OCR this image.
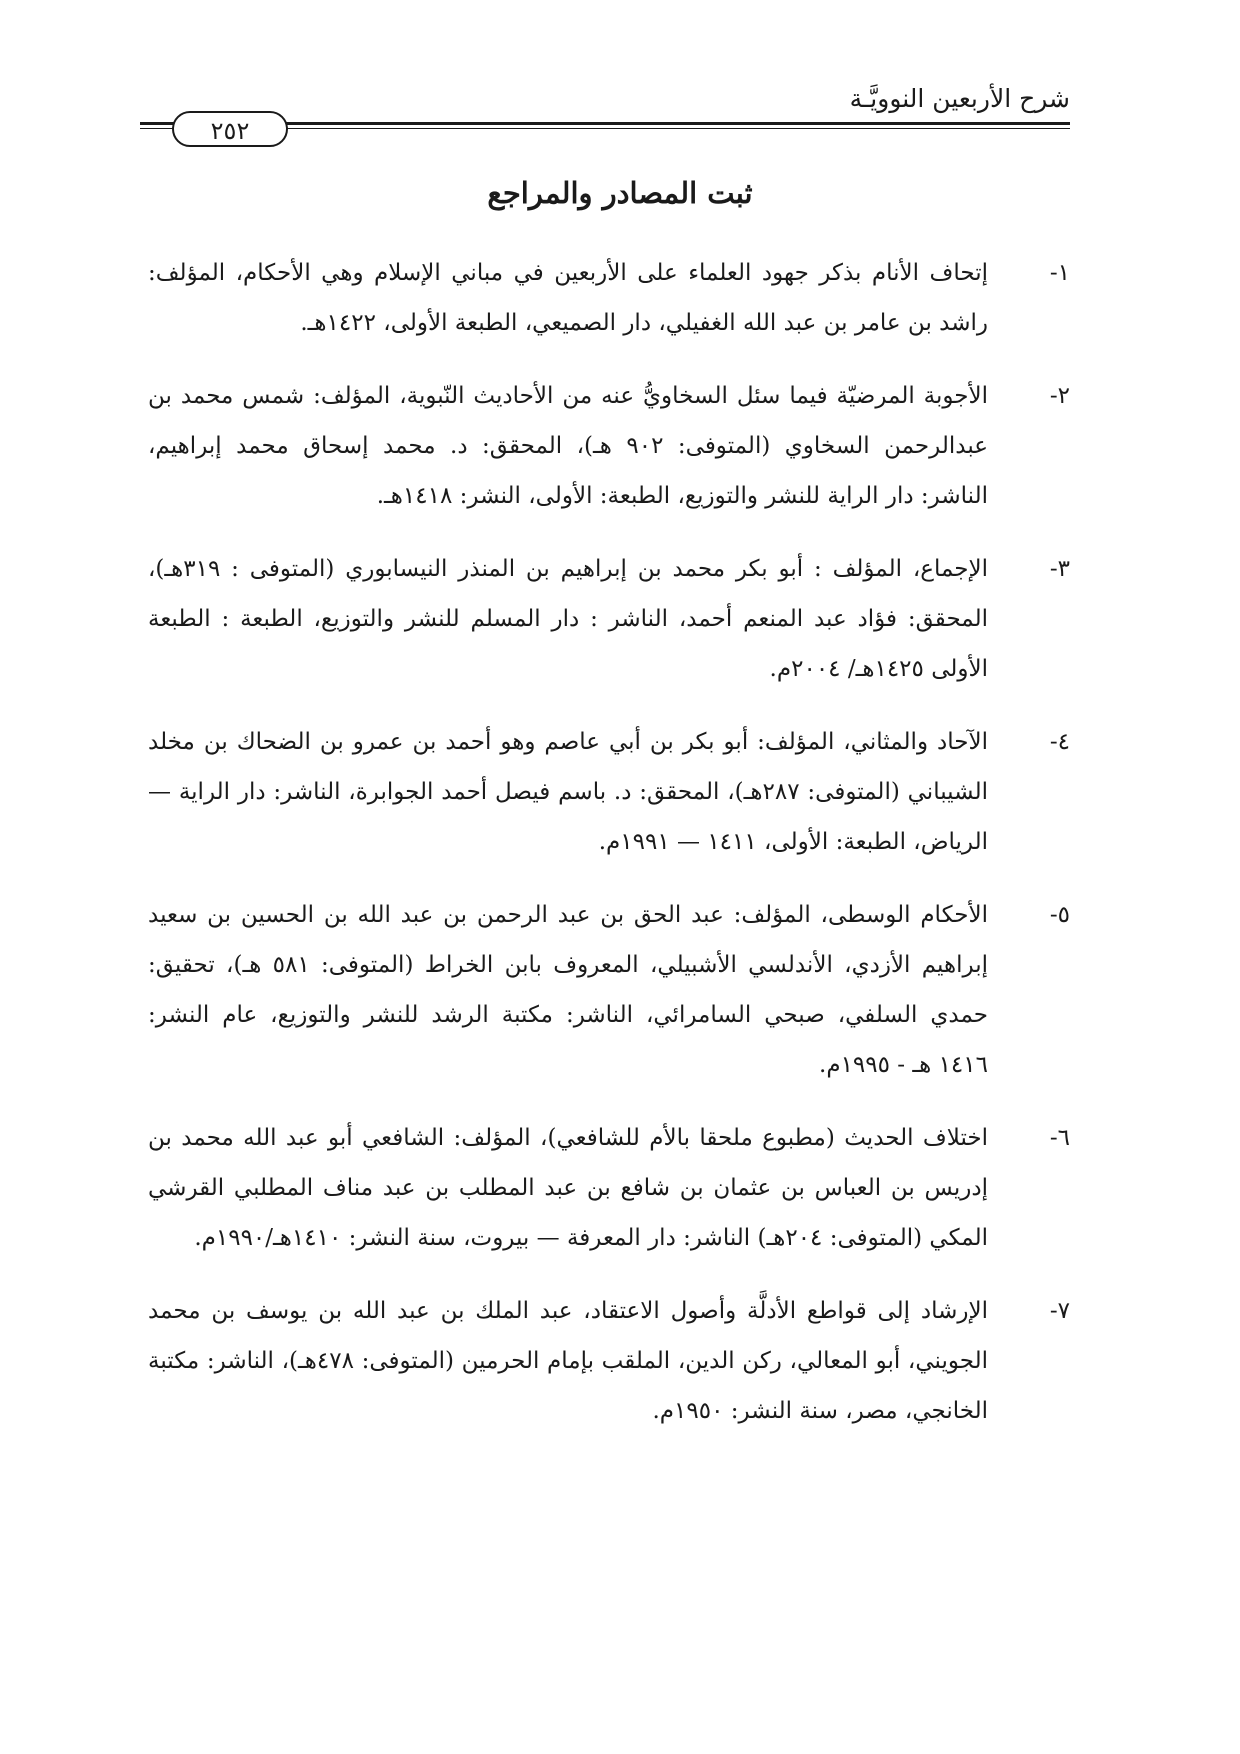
شرح الأربعين النوويَّـة
٢٥٢
ثبت المصادر والمراجع
١-
إتحاف الأنام بذكر جهود العلماء على الأربعين في مباني الإسلام وهي الأحكام، المؤلف: راشد بن عامر بن عبد الله الغفيلي، دار الصميعي، الطبعة الأولى، ١٤٢٢هـ.
٢-
الأجوبة المرضيّة فيما سئل السخاويُّ عنه من الأحاديث النّبوية، المؤلف: شمس محمد بن عبدالرحمن السخاوي (المتوفى: ٩٠٢ هـ)، المحقق: د. محمد إسحاق محمد إبراهيم، الناشر: دار الراية للنشر والتوزيع، الطبعة: الأولى، النشر: ١٤١٨هـ.
٣-
الإجماع، المؤلف : أبو بكر محمد بن إبراهيم بن المنذر النيسابوري (المتوفى : ٣١٩هـ)، المحقق: فؤاد عبد المنعم أحمد، الناشر : دار المسلم للنشر والتوزيع، الطبعة : الطبعة الأولى ١٤٢٥هـ/ ٢٠٠٤م.
٤-
الآحاد والمثاني، المؤلف: أبو بكر بن أبي عاصم وهو أحمد بن عمرو بن الضحاك بن مخلد الشيباني (المتوفى: ٢٨٧هـ)، المحقق: د. باسم فيصل أحمد الجوابرة، الناشر: دار الراية — الرياض، الطبعة: الأولى، ١٤١١ — ١٩٩١م.
٥-
الأحكام الوسطى، المؤلف: عبد الحق بن عبد الرحمن بن عبد الله بن الحسين بن سعيد إبراهيم الأزدي، الأندلسي الأشبيلي، المعروف بابن الخراط (المتوفى: ٥٨١ هـ)، تحقيق: حمدي السلفي، صبحي السامرائي، الناشر: مكتبة الرشد للنشر والتوزيع، عام النشر: ١٤١٦ هـ - ١٩٩٥م.
٦-
اختلاف الحديث (مطبوع ملحقا بالأم للشافعي)، المؤلف: الشافعي أبو عبد الله محمد بن إدريس بن العباس بن عثمان بن شافع بن عبد المطلب بن عبد مناف المطلبي القرشي المكي (المتوفى: ٢٠٤هـ) الناشر: دار المعرفة — بيروت، سنة النشر: ١٤١٠هـ/١٩٩٠م.
٧-
الإرشاد إلى قواطع الأدلَّة وأصول الاعتقاد، عبد الملك بن عبد الله بن يوسف بن محمد الجويني، أبو المعالي، ركن الدين، الملقب بإمام الحرمين (المتوفى: ٤٧٨هـ)، الناشر: مكتبة الخانجي، مصر، سنة النشر: ١٩٥٠م.
